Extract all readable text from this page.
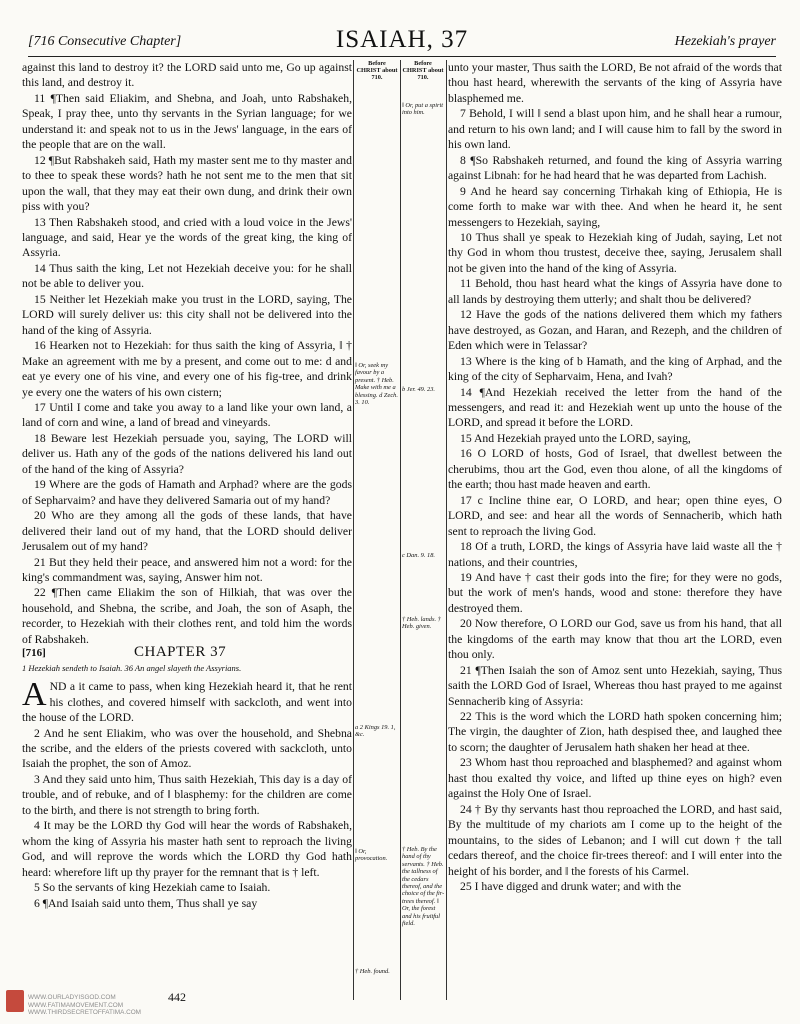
[716 Consecutive Chapter]	ISAIAH, 37	Hezekiah's prayer
Before CHRIST about 710.
Before CHRIST about 710.
‖ Or, put a spirit into him.
‖ Or, seek my favour by a present. † Heb. Make with me a blessing. d Zech. 3. 10.
b Jer. 49. 23.
c Dan. 9. 18.
† Heb. lands. † Heb. given.
a 2 Kings 19. 1, &c.
‖ Or, provocation.
† Heb. By the hand of thy servants. † Heb. the tallness of the cedars thereof, and the choice of the fir-trees thereof. ‖ Or, the forest and his fruitful field.
† Heb. found.

against this land to destroy it? the LORD said unto me, Go up against this land, and destroy it.

11 ¶Then said Eliakim, and Shebna, and Joah, unto Rabshakeh, Speak, I pray thee, unto thy servants in the Syrian language; for we understand it: and speak not to us in the Jews' language, in the ears of the people that are on the wall.

12 ¶But Rabshakeh said, Hath my master sent me to thy master and to thee to speak these words? hath he not sent me to the men that sit upon the wall, that they may eat their own dung, and drink their own piss with you?

13 Then Rabshakeh stood, and cried with a loud voice in the Jews' language, and said, Hear ye the words of the great king, the king of Assyria.

14 Thus saith the king, Let not Hezekiah deceive you: for he shall not be able to deliver you.

15 Neither let Hezekiah make you trust in the LORD, saying, The LORD will surely deliver us: this city shall not be delivered into the hand of the king of Assyria.

16 Hearken not to Hezekiah: for thus saith the king of Assyria, ‖ † Make an agreement with me by a present, and come out to me: d and eat ye every one of his vine, and every one of his fig-tree, and drink ye every one the waters of his own cistern;

17 Until I come and take you away to a land like your own land, a land of corn and wine, a land of bread and vineyards.

18 Beware lest Hezekiah persuade you, saying, The LORD will deliver us. Hath any of the gods of the nations delivered his land out of the hand of the king of Assyria?

19 Where are the gods of Hamath and Arphad? where are the gods of Sepharvaim? and have they delivered Samaria out of my hand?

20 Who are they among all the gods of these lands, that have delivered their land out of my hand, that the LORD should deliver Jerusalem out of my hand?

21 But they held their peace, and answered him not a word: for the king's commandment was, saying, Answer him not.

22 ¶Then came Eliakim the son of Hilkiah, that was over the household, and Shebna, the scribe, and Joah, the son of Asaph, the recorder, to Hezekiah with their clothes rent, and told him the words of Rabshakeh.

[716]	CHAPTER 37
1 Hezekiah sendeth to Isaiah. 36 An angel slayeth the Assyrians.

AND a it came to pass, when king Hezekiah heard it, that he rent his clothes, and covered himself with sackcloth, and went into the house of the LORD.

2 And he sent Eliakim, who was over the household, and Shebna the scribe, and the elders of the priests covered with sackcloth, unto Isaiah the prophet, the son of Amoz.

3 And they said unto him, Thus saith Hezekiah, This day is a day of trouble, and of rebuke, and of ‖ blasphemy: for the children are come to the birth, and there is not strength to bring forth.

4 It may be the LORD thy God will hear the words of Rabshakeh, whom the king of Assyria his master hath sent to reproach the living God, and will reprove the words which the LORD thy God hath heard: wherefore lift up thy prayer for the remnant that is † left.

5 So the servants of king Hezekiah came to Isaiah.

6 ¶And Isaiah said unto them, Thus shall ye say

unto your master, Thus saith the LORD, Be not afraid of the words that thou hast heard, wherewith the servants of the king of Assyria have blasphemed me.

7 Behold, I will ‖ send a blast upon him, and he shall hear a rumour, and return to his own land; and I will cause him to fall by the sword in his own land.

8 ¶So Rabshakeh returned, and found the king of Assyria warring against Libnah: for he had heard that he was departed from Lachish.

9 And he heard say concerning Tirhakah king of Ethiopia, He is come forth to make war with thee. And when he heard it, he sent messengers to Hezekiah, saying,

10 Thus shall ye speak to Hezekiah king of Judah, saying, Let not thy God in whom thou trustest, deceive thee, saying, Jerusalem shall not be given into the hand of the king of Assyria.

11 Behold, thou hast heard what the kings of Assyria have done to all lands by destroying them utterly; and shalt thou be delivered?

12 Have the gods of the nations delivered them which my fathers have destroyed, as Gozan, and Haran, and Rezeph, and the children of Eden which were in Telassar?

13 Where is the king of b Hamath, and the king of Arphad, and the king of the city of Sepharvaim, Hena, and Ivah?

14 ¶And Hezekiah received the letter from the hand of the messengers, and read it: and Hezekiah went up unto the house of the LORD, and spread it before the LORD.

15 And Hezekiah prayed unto the LORD, saying,

16 O LORD of hosts, God of Israel, that dwellest between the cherubims, thou art the God, even thou alone, of all the kingdoms of the earth; thou hast made heaven and earth.

17 c Incline thine ear, O LORD, and hear; open thine eyes, O LORD, and see: and hear all the words of Sennacherib, which hath sent to reproach the living God.

18 Of a truth, LORD, the kings of Assyria have laid waste all the † nations, and their countries,

19 And have † cast their gods into the fire; for they were no gods, but the work of men's hands, wood and stone: therefore they have destroyed them.

20 Now therefore, O LORD our God, save us from his hand, that all the kingdoms of the earth may know that thou art the LORD, even thou only.

21 ¶Then Isaiah the son of Amoz sent unto Hezekiah, saying, Thus saith the LORD God of Israel, Whereas thou hast prayed to me against Sennacherib king of Assyria:

22 This is the word which the LORD hath spoken concerning him; The virgin, the daughter of Zion, hath despised thee, and laughed thee to scorn; the daughter of Jerusalem hath shaken her head at thee.

23 Whom hast thou reproached and blasphemed? and against whom hast thou exalted thy voice, and lifted up thine eyes on high? even against the Holy One of Israel.

24 † By thy servants hast thou reproached the LORD, and hast said, By the multitude of my chariots am I come up to the height of the mountains, to the sides of Lebanon; and I will cut down † the tall cedars thereof, and the choice fir-trees thereof: and I will enter into the height of his border, and ‖ the forests of his Carmel.

25 I have digged and drunk water; and with the

WWW.OURLADYISGOD.COM
WWW.FATIMAMOVEMENT.COM
WWW.THIRDSECRETOFFATIMA.COM
442
